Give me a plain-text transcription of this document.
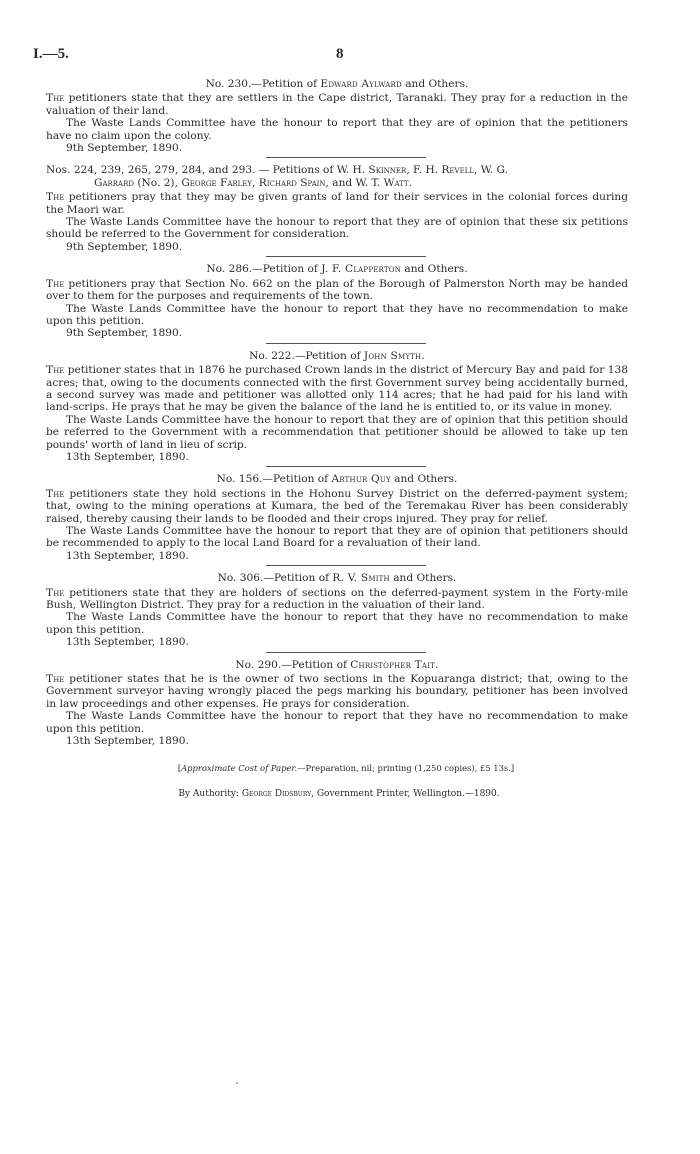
I.—5.	8
No. 230.—Petition of Edward Aylward and Others.

The petitioners state that they are settlers in the Cape district, Taranaki. They pray for a reduction in the valuation of their land.

The Waste Lands Committee have the honour to report that they are of opinion that the petitioners have no claim upon the colony.

9th September, 1890.
Nos. 224, 239, 265, 279, 284, and 293. — Petitions of W. H. Skinner, F. H. Revell, W. G.
Garrard (No. 2), George Farley, Richard Spain, and W. T. Watt.

The petitioners pray that they may be given grants of land for their services in the colonial forces during the Maori war.

The Waste Lands Committee have the honour to report that they are of opinion that these six petitions should be referred to the Government for consideration.

9th September, 1890.
No. 286.—Petition of J. F. Clapperton and Others.

The petitioners pray that Section No. 662 on the plan of the Borough of Palmerston North may be handed over to them for the purposes and requirements of the town.

The Waste Lands Committee have the honour to report that they have no recommendation to make upon this petition.

9th September, 1890.
No. 222.—Petition of John Smyth.

The petitioner states that in 1876 he purchased Crown lands in the district of Mercury Bay and paid for 138 acres; that, owing to the documents connected with the first Government survey being accidentally burned, a second survey was made and petitioner was allotted only 114 acres; that he had paid for his land with land-scrips. He prays that he may be given the balance of the land he is entitled to, or its value in money.

The Waste Lands Committee have the honour to report that they are of opinion that this petition should be referred to the Government with a recommendation that petitioner should be allowed to take up ten pounds' worth of land in lieu of scrip.

13th September, 1890.
No. 156.—Petition of Arthur Quy and Others.

The petitioners state they hold sections in the Hohonu Survey District on the deferred-payment system; that, owing to the mining operations at Kumara, the bed of the Teremakau River has been considerably raised, thereby causing their lands to be flooded and their crops injured. They pray for relief.

The Waste Lands Committee have the honour to report that they are of opinion that petitioners should be recommended to apply to the local Land Board for a revaluation of their land.

13th September, 1890.
No. 306.—Petition of R. V. Smith and Others.

The petitioners state that they are holders of sections on the deferred-payment system in the Forty-mile Bush, Wellington District. They pray for a reduction in the valuation of their land.

The Waste Lands Committee have the honour to report that they have no recommendation to make upon this petition.

13th September, 1890.
No. 290.—Petition of Christopher Tait.

The petitioner states that he is the owner of two sections in the Kopuaranga district; that, owing to the Government surveyor having wrongly placed the pegs marking his boundary, petitioner has been involved in law proceedings and other expenses. He prays for consideration.

The Waste Lands Committee have the honour to report that they have no recommendation to make upon this petition.

13th September, 1890.
[Approximate Cost of Paper.—Preparation, nil; printing (1,250 copies), £5 13s.]
By Authority: George Didsbury, Government Printer, Wellington.—1890.
